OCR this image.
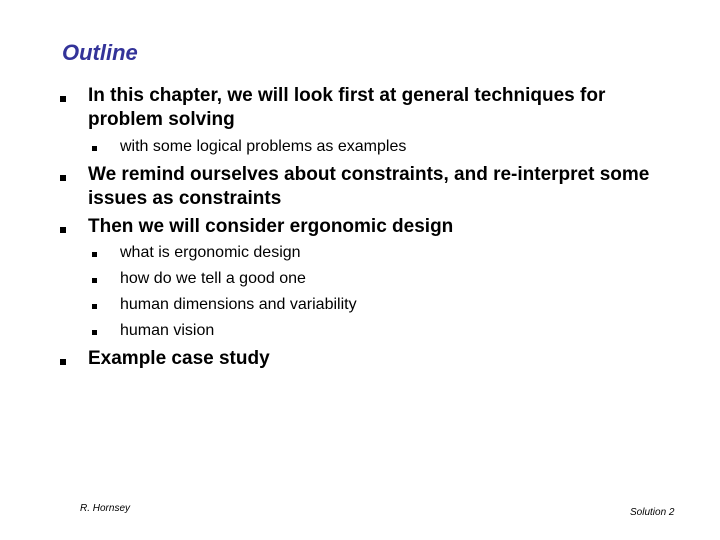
Outline
In this chapter, we will look first at general techniques for
problem solving
with some logical problems as examples
We remind ourselves about constraints, and re-interpret some
issues as constraints
Then we will consider ergonomic design
what is ergonomic design
how do we tell a good one
human dimensions and variability
human vision
Example case study
R. Hornsey	Solution 2
